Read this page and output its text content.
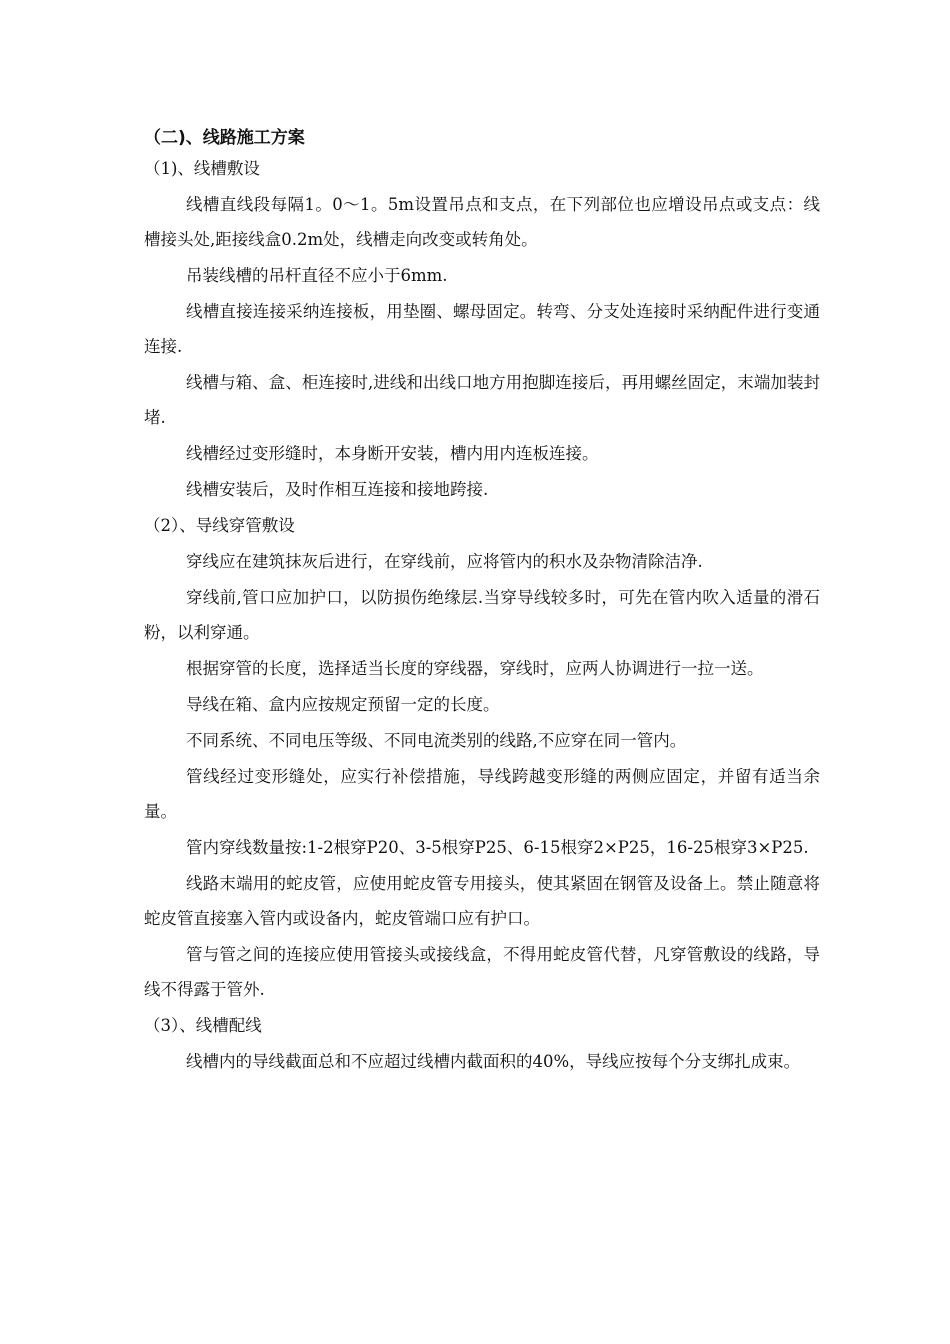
（二)、线路施工方案
（1)、线槽敷设

线槽直线段每隔1。0～1。5m设置吊点和支点，在下列部位也应增设吊点或支点：线槽接头处,距接线盒0.2m处，线槽走向改变或转角处。

吊装线槽的吊杆直径不应小于6mm.

线槽直接连接采纳连接板，用垫圈、螺母固定。转弯、分支处连接时采纳配件进行变通连接.

线槽与箱、盒、柜连接时,进线和出线口地方用抱脚连接后，再用螺丝固定，末端加装封堵.

线槽经过变形缝时，本身断开安装，槽内用内连板连接。

线槽安装后，及时作相互连接和接地跨接.

（2）、导线穿管敷设

穿线应在建筑抹灰后进行，在穿线前，应将管内的积水及杂物清除洁净.

穿线前,管口应加护口，以防损伤绝缘层.当穿导线较多时，可先在管内吹入适量的滑石粉，以利穿通。

根据穿管的长度，选择适当长度的穿线器，穿线时，应两人协调进行一拉一送。

导线在箱、盒内应按规定预留一定的长度。

不同系统、不同电压等级、不同电流类别的线路,不应穿在同一管内。

管线经过变形缝处，应实行补偿措施，导线跨越变形缝的两侧应固定，并留有适当余量。

管内穿线数量按:1-2根穿P20、3-5根穿P25、6-15根穿2×P25，16-25根穿3×P25.

线路末端用的蛇皮管，应使用蛇皮管专用接头，使其紧固在钢管及设备上。禁止随意将蛇皮管直接塞入管内或设备内，蛇皮管端口应有护口。

管与管之间的连接应使用管接头或接线盒，不得用蛇皮管代替，凡穿管敷设的线路，导线不得露于管外.

（3）、线槽配线

线槽内的导线截面总和不应超过线槽内截面积的40%，导线应按每个分支绑扎成束。
